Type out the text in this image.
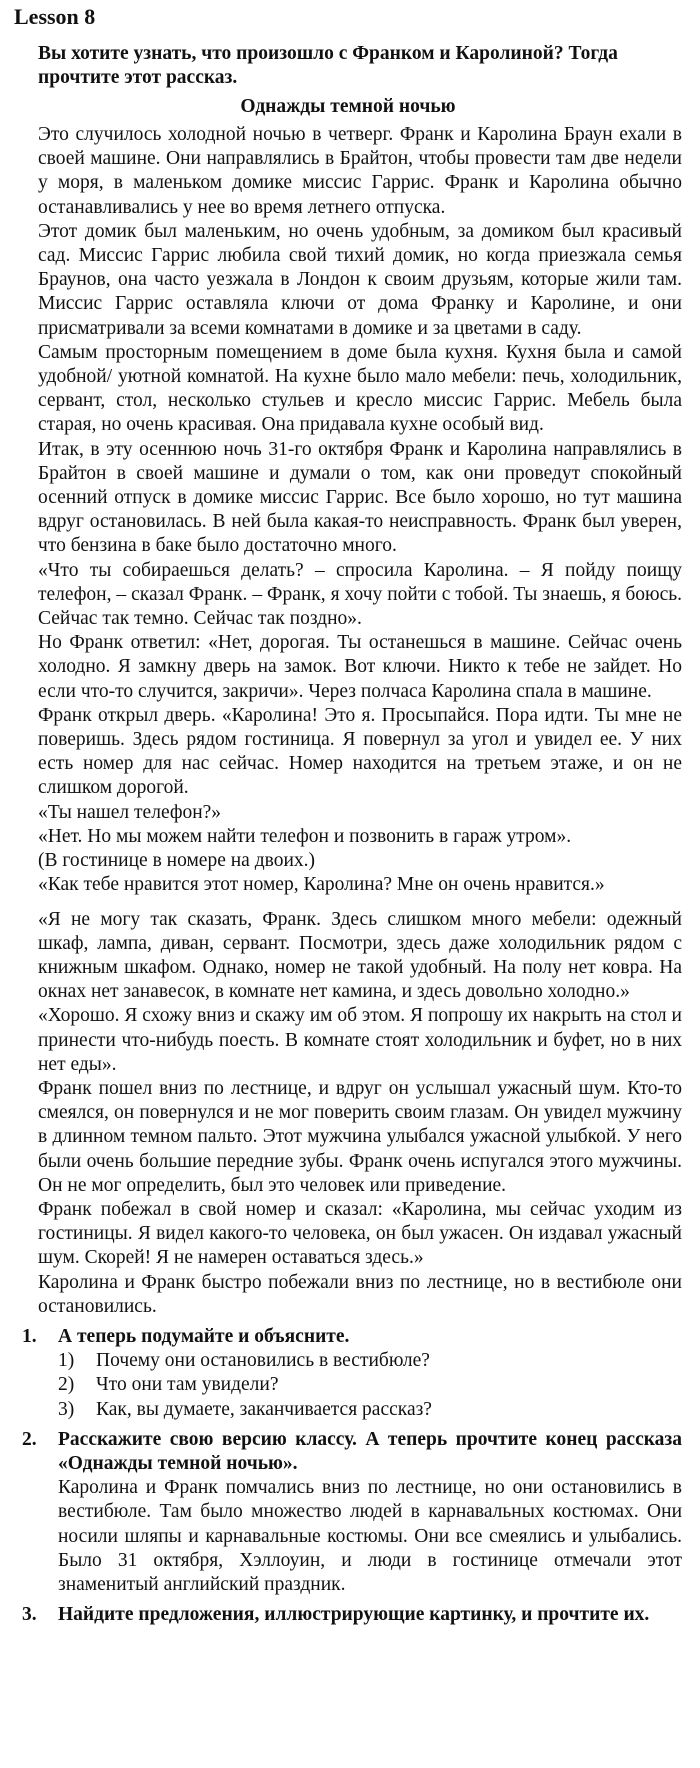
Lesson 8
Вы хотите узнать, что произошло с Франком и Каролиной? Тогда прочтите этот рассказ.
Однажды темной ночью

Это случилось холодной ночью в четверг. Франк и Каролина Браун ехали в своей машине. Они направлялись в Брайтон, чтобы провести там две недели у моря, в маленьком домике миссис Гаррис. Франк и Каролина обычно останавливались у нее во время летнего отпуска.

Этот домик был маленьким, но очень удобным, за домиком был красивый сад. Миссис Гаррис любила свой тихий домик, но когда приезжала семья Браунов, она часто уезжала в Лондон к своим друзьям, которые жили там. Миссис Гаррис оставляла ключи от дома Франку и Каролине, и они присматривали за всеми комнатами в домике и за цветами в саду.

Самым просторным помещением в доме была кухня. Кухня была и самой удобной/ уютной комнатой. На кухне было мало мебели: печь, холодильник, сервант, стол, несколько стульев и кресло миссис Гаррис. Мебель была старая, но очень красивая. Она придавала кухне особый вид.

Итак, в эту осеннюю ночь 31-го октября Франк и Каролина направлялись в Брайтон в своей машине и думали о том, как они проведут спокойный осенний отпуск в домике миссис Гаррис. Все было хорошо, но тут машина вдруг остановилась. В ней была какая-то неисправность. Франк был уверен, что бензина в баке было достаточно много.

«Что ты собираешься делать? – спросила Каролина. – Я пойду поищу телефон, – сказал Франк. – Франк, я хочу пойти с тобой. Ты знаешь, я боюсь. Сейчас так темно. Сейчас так поздно».

Но Франк ответил: «Нет, дорогая. Ты останешься в машине. Сейчас очень холодно. Я замкну дверь на замок. Вот ключи. Никто к тебе не зайдет. Но если что-то случится, закричи». Через полчаса Каролина спала в машине.

Франк открыл дверь. «Каролина! Это я. Просыпайся. Пора идти. Ты мне не поверишь. Здесь рядом гостиница. Я повернул за угол и увидел ее. У них есть номер для нас сейчас. Номер находится на третьем этаже, и он не слишком дорогой.

«Ты нашел телефон?»

«Нет. Но мы можем найти телефон и позвонить в гараж утром».

(В гостинице в номере на двоих.)

«Как тебе нравится этот номер, Каролина? Мне он очень нравится.»

«Я не могу так сказать, Франк. Здесь слишком много мебели: одежный шкаф, лампа, диван, сервант. Посмотри, здесь даже холодильник рядом с книжным шкафом. Однако, номер не такой удобный. На полу нет ковра. На окнах нет занавесок, в комнате нет камина, и здесь довольно холодно.»

«Хорошо. Я схожу вниз и скажу им об этом. Я попрошу их накрыть на стол и принести что-нибудь поесть. В комнате стоят холодильник и буфет, но в них нет еды».

Франк пошел вниз по лестнице, и вдруг он услышал ужасный шум. Кто-то смеялся, он повернулся и не мог поверить своим глазам. Он увидел мужчину в длинном темном пальто. Этот мужчина улыбался ужасной улыбкой. У него были очень большие передние зубы. Франк очень испугался этого мужчины. Он не мог определить, был это человек или приведение.

Франк побежал в свой номер и сказал: «Каролина, мы сейчас уходим из гостиницы. Я видел какого-то человека, он был ужасен. Он издавал ужасный шум. Скорей! Я не намерен оставаться здесь.»

Каролина и Франк быстро побежали вниз по лестнице, но в вестибюле они остановились.

1. А теперь подумайте и объясните.

1) Почему они остановились в вестибюле?
2) Что они там увидели?
3) Как, вы думаете, заканчивается рассказ?
2. Расскажите свою версию классу. А теперь прочтите конец рассказа «Однажды темной ночью».

Каролина и Франк помчались вниз по лестнице, но они остановились в вестибюле. Там было множество людей в карнавальных костюмах. Они носили шляпы и карнавальные костюмы. Они все смеялись и улыбались. Было 31 октября, Хэллоуин, и люди в гостинице отмечали этот знаменитый английский праздник.

3. Найдите предложения, иллюстрирующие картинку, и прочтите их.
